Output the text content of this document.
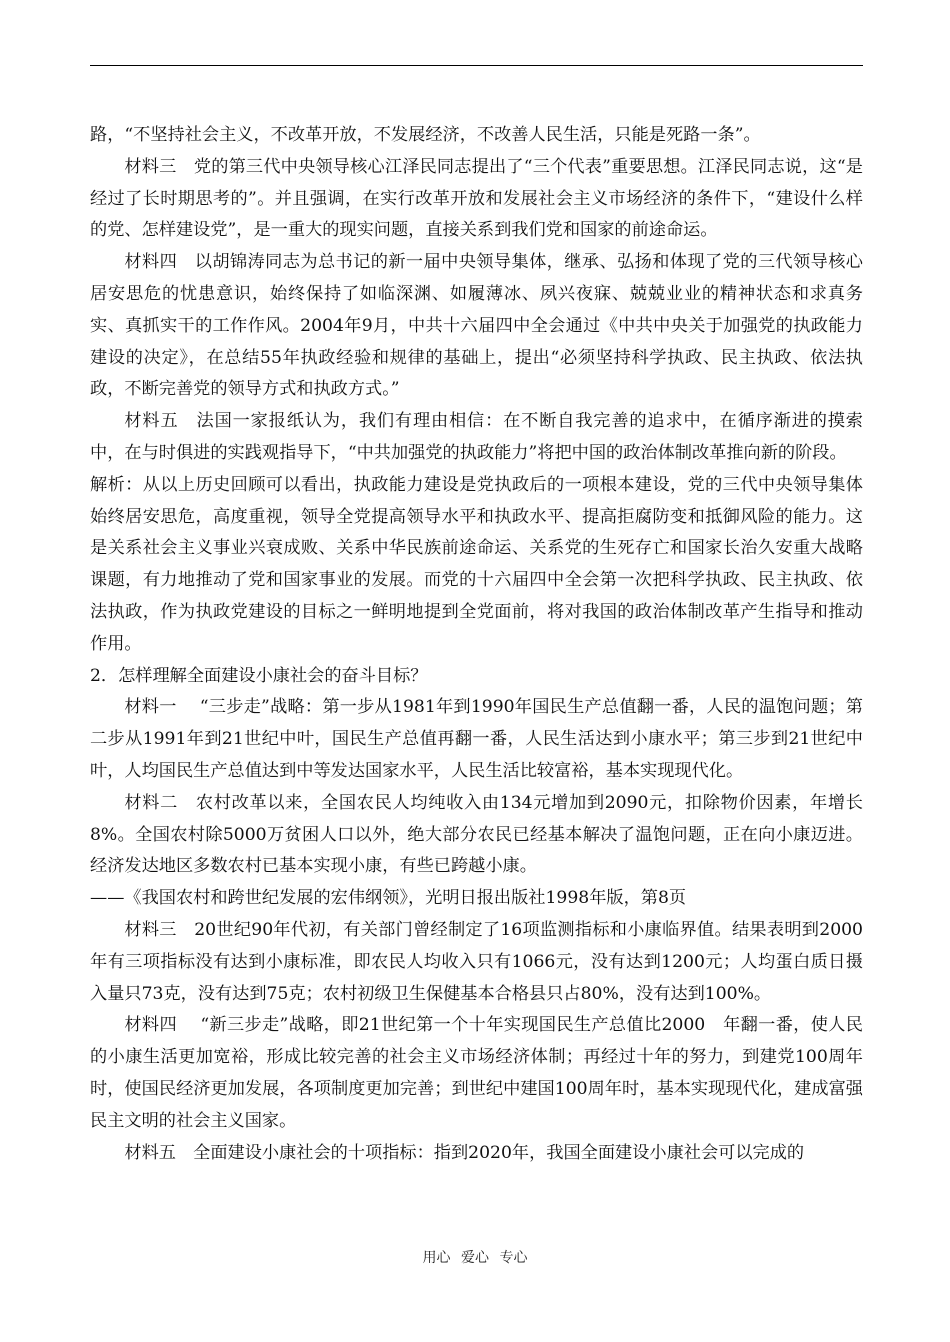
路，“不坚持社会主义，不改革开放，不发展经济，不改善人民生活，只能是死路一条”。

材料三　党的第三代中央领导核心江泽民同志提出了“三个代表”重要思想。江泽民同志说，这“是经过了长时期思考的”。并且强调，在实行改革开放和发展社会主义市场经济的条件下，“建设什么样的党、怎样建设党”，是一重大的现实问题，直接关系到我们党和国家的前途命运。

材料四　以胡锦涛同志为总书记的新一届中央领导集体，继承、弘扬和体现了党的三代领导核心居安思危的忧患意识，始终保持了如临深渊、如履薄冰、夙兴夜寐、兢兢业业的精神状态和求真务实、真抓实干的工作作风。2004年9月，中共十六届四中全会通过《中共中央关于加强党的执政能力建设的决定》，在总结55年执政经验和规律的基础上，提出“必须坚持科学执政、民主执政、依法执政，不断完善党的领导方式和执政方式。”

材料五　法国一家报纸认为，我们有理由相信：在不断自我完善的追求中，在循序渐进的摸索中，在与时俱进的实践观指导下，“中共加强党的执政能力”将把中国的政治体制改革推向新的阶段。

解析：从以上历史回顾可以看出，执政能力建设是党执政后的一项根本建设，党的三代中央领导集体始终居安思危，高度重视，领导全党提高领导水平和执政水平、提高拒腐防变和抵御风险的能力。这是关系社会主义事业兴衰成败、关系中华民族前途命运、关系党的生死存亡和国家长治久安重大战略课题，有力地推动了党和国家事业的发展。而党的十六届四中全会第一次把科学执政、民主执政、依法执政，作为执政党建设的目标之一鲜明地提到全党面前，将对我国的政治体制改革产生指导和推动作用。

2．怎样理解全面建设小康社会的奋斗目标？

材料一　 “三步走”战略：第一步从1981年到1990年国民生产总值翻一番，人民的温饱问题；第二步从1991年到21世纪中叶，国民生产总值再翻一番，人民生活达到小康水平；第三步到21世纪中叶，人均国民生产总值达到中等发达国家水平，人民生活比较富裕，基本实现现代化。

材料二　农村改革以来，全国农民人均纯收入由134元增加到2090元，扣除物价因素，年增长8%。全国农村除5000万贫困人口以外，绝大部分农民已经基本解决了温饱问题，正在向小康迈进。经济发达地区多数农村已基本实现小康，有些已跨越小康。

——《我国农村和跨世纪发展的宏伟纲领》，光明日报出版社1998年版，第8页

材料三　20世纪90年代初，有关部门曾经制定了16项监测指标和小康临界值。结果表明到2000年有三项指标没有达到小康标准，即农民人均收入只有1066元，没有达到1200元；人均蛋白质日摄入量只73克，没有达到75克；农村初级卫生保健基本合格县只占80%，没有达到100%。

材料四　 “新三步走”战略，即21世纪第一个十年实现国民生产总值比2000　年翻一番，使人民的小康生活更加宽裕，形成比较完善的社会主义市场经济体制；再经过十年的努力，到建党100周年时，使国民经济更加发展，各项制度更加完善；到世纪中建国100周年时，基本实现现代化，建成富强民主文明的社会主义国家。

材料五　全面建设小康社会的十项指标：指到2020年，我国全面建设小康社会可以完成的

用心 爱心 专心
